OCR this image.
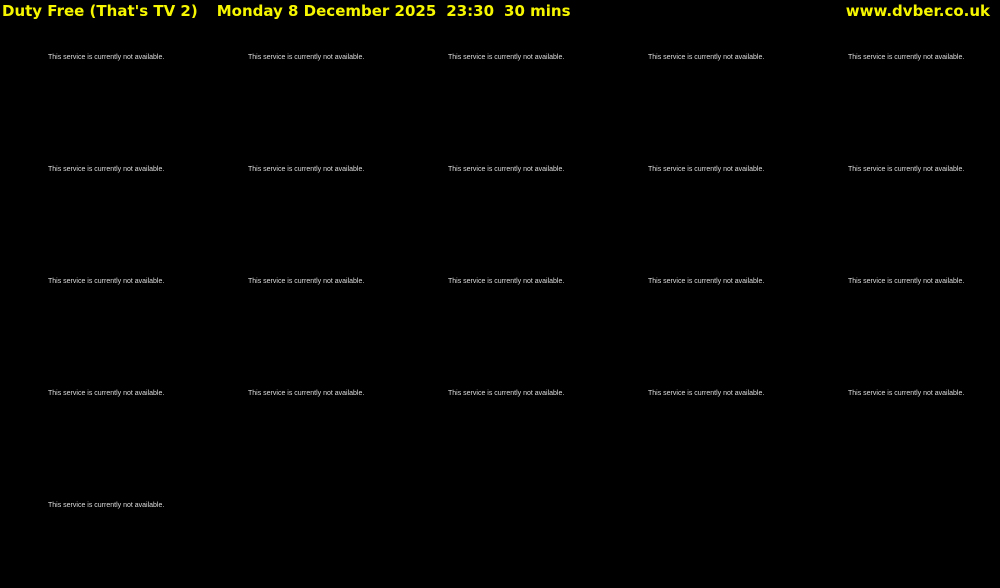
Duty Free (That's TV 2) Monday 8 December 2025 23:30 30 mins	www.dvber.co.uk
This service is currently not available.	This service is currently not available.	This service is currently not available.	This service is currently not available.	This service is currently not available.
This service is currently not available.	This service is currently not available.	This service is currently not available.	This service is currently not available.	This service is currently not available.
This service is currently not available.	This service is currently not available.	This service is currently not available.	This service is currently not available.	This service is currently not available.
This service is currently not available.	This service is currently not available.	This service is currently not available.	This service is currently not available.	This service is currently not available.
This service is currently not available.
